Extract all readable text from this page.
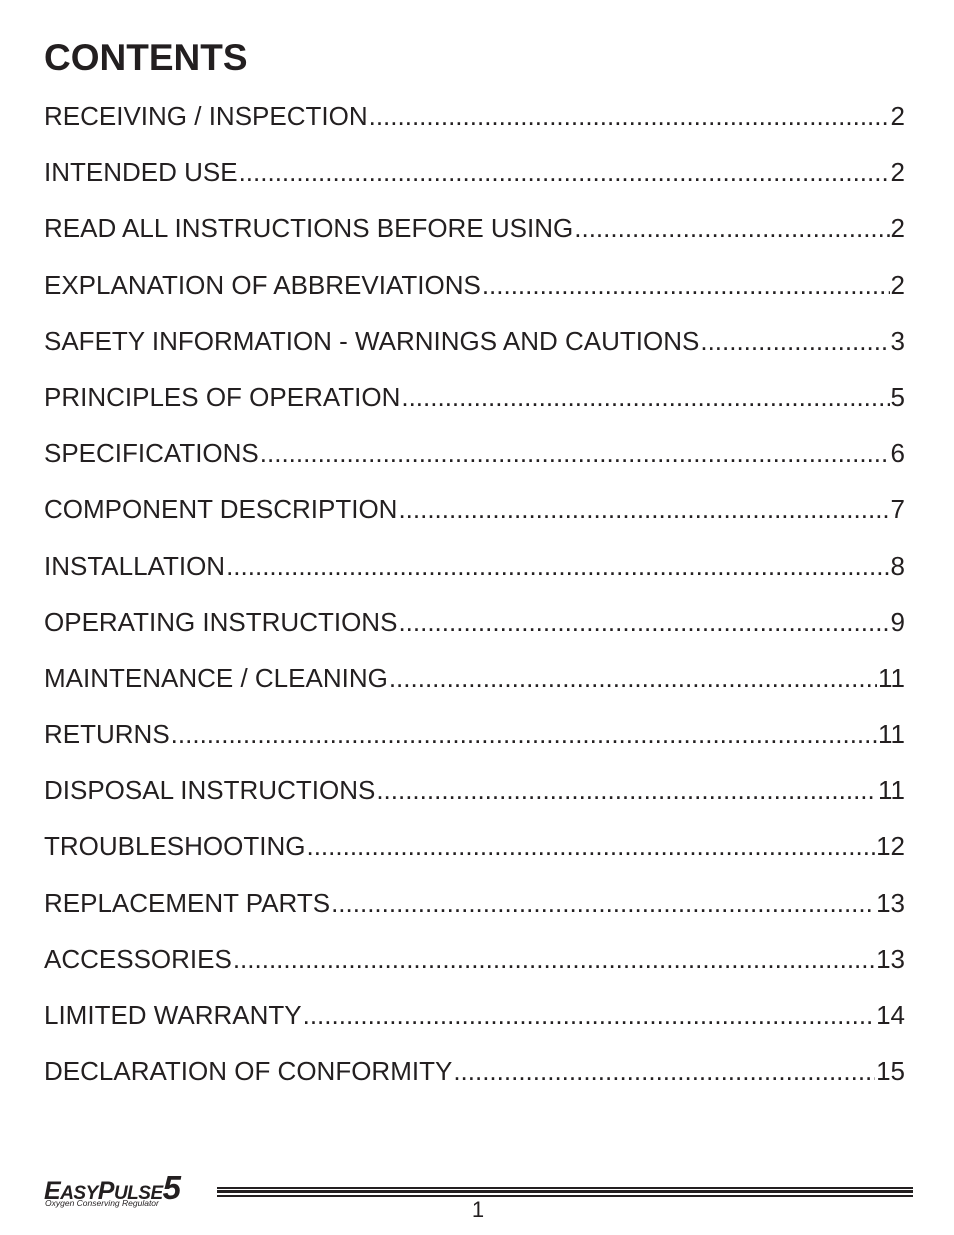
CONTENTS
RECEIVING / INSPECTION .....	2
INTENDED USE .....	2
READ ALL INSTRUCTIONS BEFORE USING .....	2
EXPLANATION OF ABBREVIATIONS .....	2
SAFETY INFORMATION - WARNINGS AND CAUTIONS .....	3
PRINCIPLES OF OPERATION .....	5
SPECIFICATIONS .....	6
COMPONENT DESCRIPTION .....	7
INSTALLATION .....	8
OPERATING INSTRUCTIONS .....	9
MAINTENANCE / CLEANING .....	11
RETURNS .....	11
DISPOSAL INSTRUCTIONS .....	11
TROUBLESHOOTING .....	12
REPLACEMENT PARTS .....	13
ACCESSORIES .....	13
LIMITED WARRANTY .....	14
DECLARATION OF CONFORMITY .....	15
EASYPULSE5
Oxygen Conserving Regulator	1
